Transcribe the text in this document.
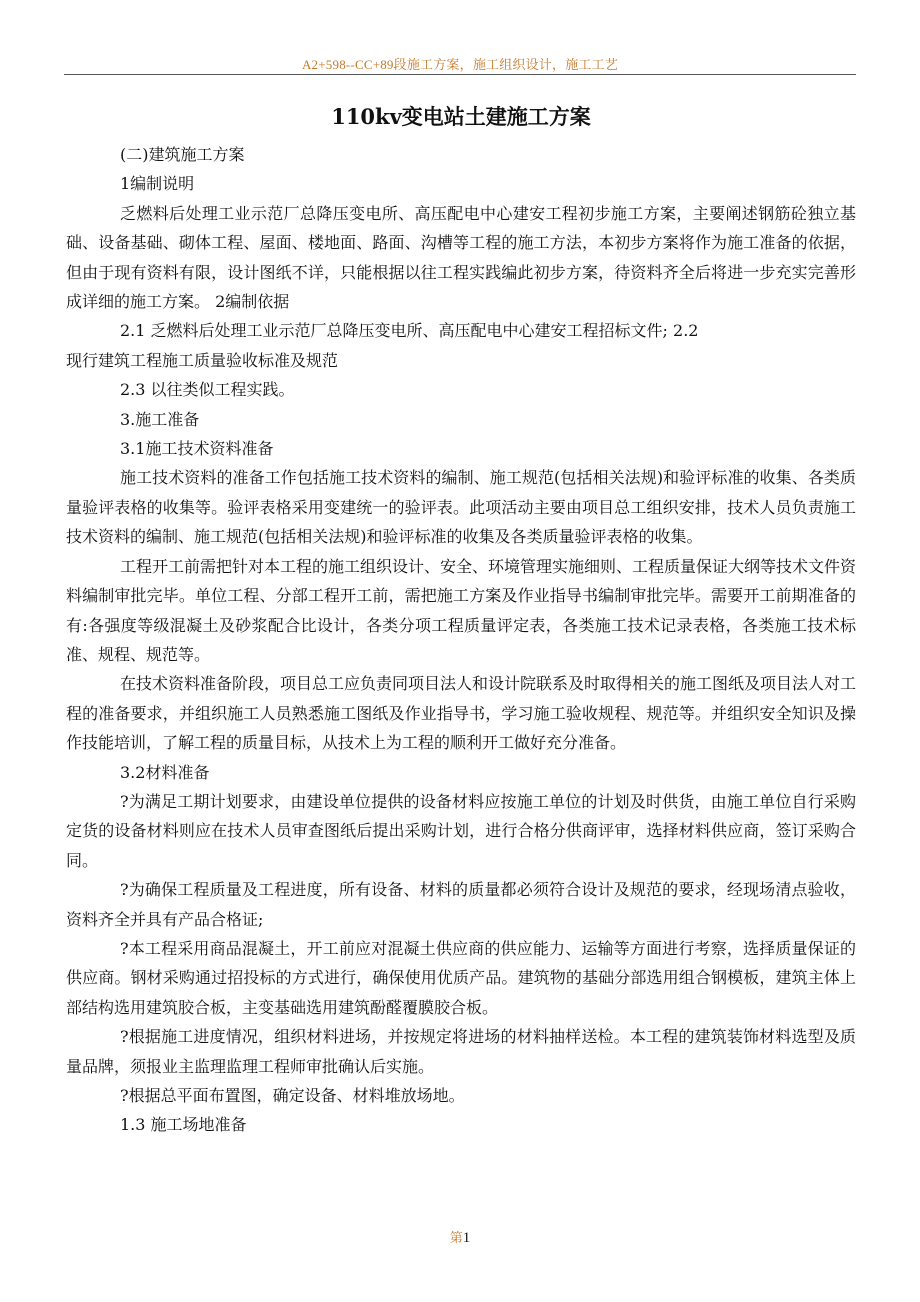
A2+598--CC+89段施工方案，施工组织设计，施工工艺
110kv变电站土建施工方案

(二)建筑施工方案

1编制说明

乏燃料后处理工业示范厂总降压变电所、高压配电中心建安工程初步施工方案，主要阐述钢筋砼独立基础、设备基础、砌体工程、屋面、楼地面、路面、沟槽等工程的施工方法，本初步方案将作为施工准备的依据，但由于现有资料有限，设计图纸不详，只能根据以往工程实践编此初步方案，待资料齐全后将进一步充实完善形成详细的施工方案。 2编制依据

2.1 乏燃料后处理工业示范厂总降压变电所、高压配电中心建安工程招标文件; 2.2

现行建筑工程施工质量验收标准及规范

2.3 以往类似工程实践。

3.施工准备

3.1施工技术资料准备

施工技术资料的准备工作包括施工技术资料的编制、施工规范(包括相关法规)和验评标准的收集、各类质量验评表格的收集等。验评表格采用变建统一的验评表。此项活动主要由项目总工组织安排，技术人员负责施工技术资料的编制、施工规范(包括相关法规)和验评标准的收集及各类质量验评表格的收集。

工程开工前需把针对本工程的施工组织设计、安全、环境管理实施细则、工程质量保证大纲等技术文件资料编制审批完毕。单位工程、分部工程开工前，需把施工方案及作业指导书编制审批完毕。需要开工前期准备的有:各强度等级混凝土及砂浆配合比设计，各类分项工程质量评定表，各类施工技术记录表格，各类施工技术标准、规程、规范等。

在技术资料准备阶段，项目总工应负责同项目法人和设计院联系及时取得相关的施工图纸及项目法人对工程的准备要求，并组织施工人员熟悉施工图纸及作业指导书，学习施工验收规程、规范等。并组织安全知识及操作技能培训，了解工程的质量目标，从技术上为工程的顺利开工做好充分准备。

3.2材料准备

?为满足工期计划要求，由建设单位提供的设备材料应按施工单位的计划及时供货，由施工单位自行采购定货的设备材料则应在技术人员审查图纸后提出采购计划，进行合格分供商评审，选择材料供应商，签订采购合同。

?为确保工程质量及工程进度，所有设备、材料的质量都必须符合设计及规范的要求，经现场清点验收，资料齐全并具有产品合格证;

?本工程采用商品混凝土，开工前应对混凝土供应商的供应能力、运输等方面进行考察，选择质量保证的供应商。钢材采购通过招投标的方式进行，确保使用优质产品。建筑物的基础分部选用组合钢模板，建筑主体上部结构选用建筑胶合板，主变基础选用建筑酚醛覆膜胶合板。

?根据施工进度情况，组织材料进场，并按规定将进场的材料抽样送检。本工程的建筑装饰材料选型及质量品牌，须报业主监理监理工程师审批确认后实施。

?根据总平面布置图，确定设备、材料堆放场地。

1.3 施工场地准备

第1
